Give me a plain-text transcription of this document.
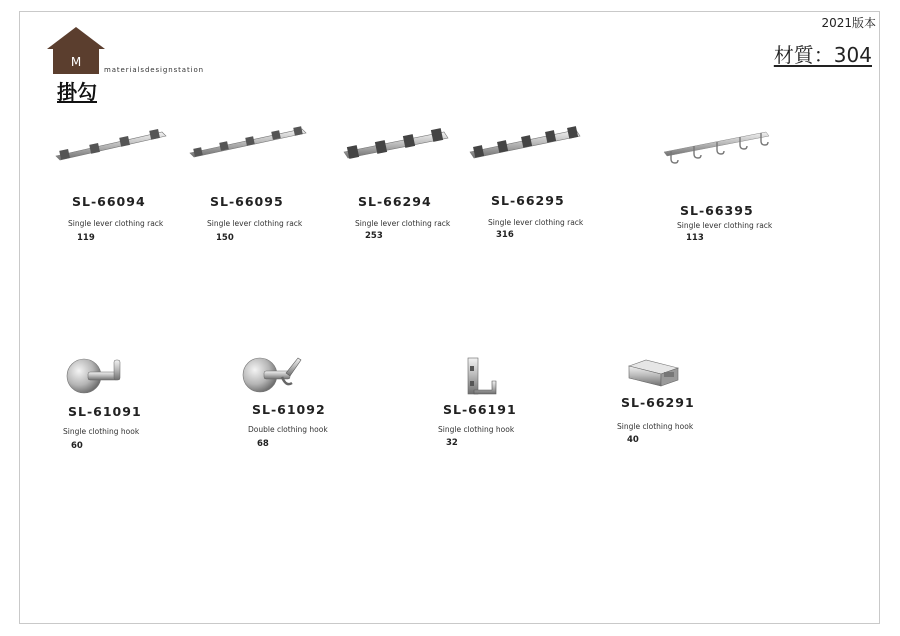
M
materialsdesignstation
掛勾
2021版本
材質：304
SL-66094
Single lever clothing rack
119
SL-66095
Single lever clothing rack
150
SL-66294
Single lever clothing rack
253
SL-66295
Single lever clothing rack
316
SL-66395
Single lever clothing rack
113
SL-61091
Single clothing hook
60
SL-61092
Double clothing hook
68
SL-66191
Single clothing hook
32
SL-66291
Single clothing hook
40
